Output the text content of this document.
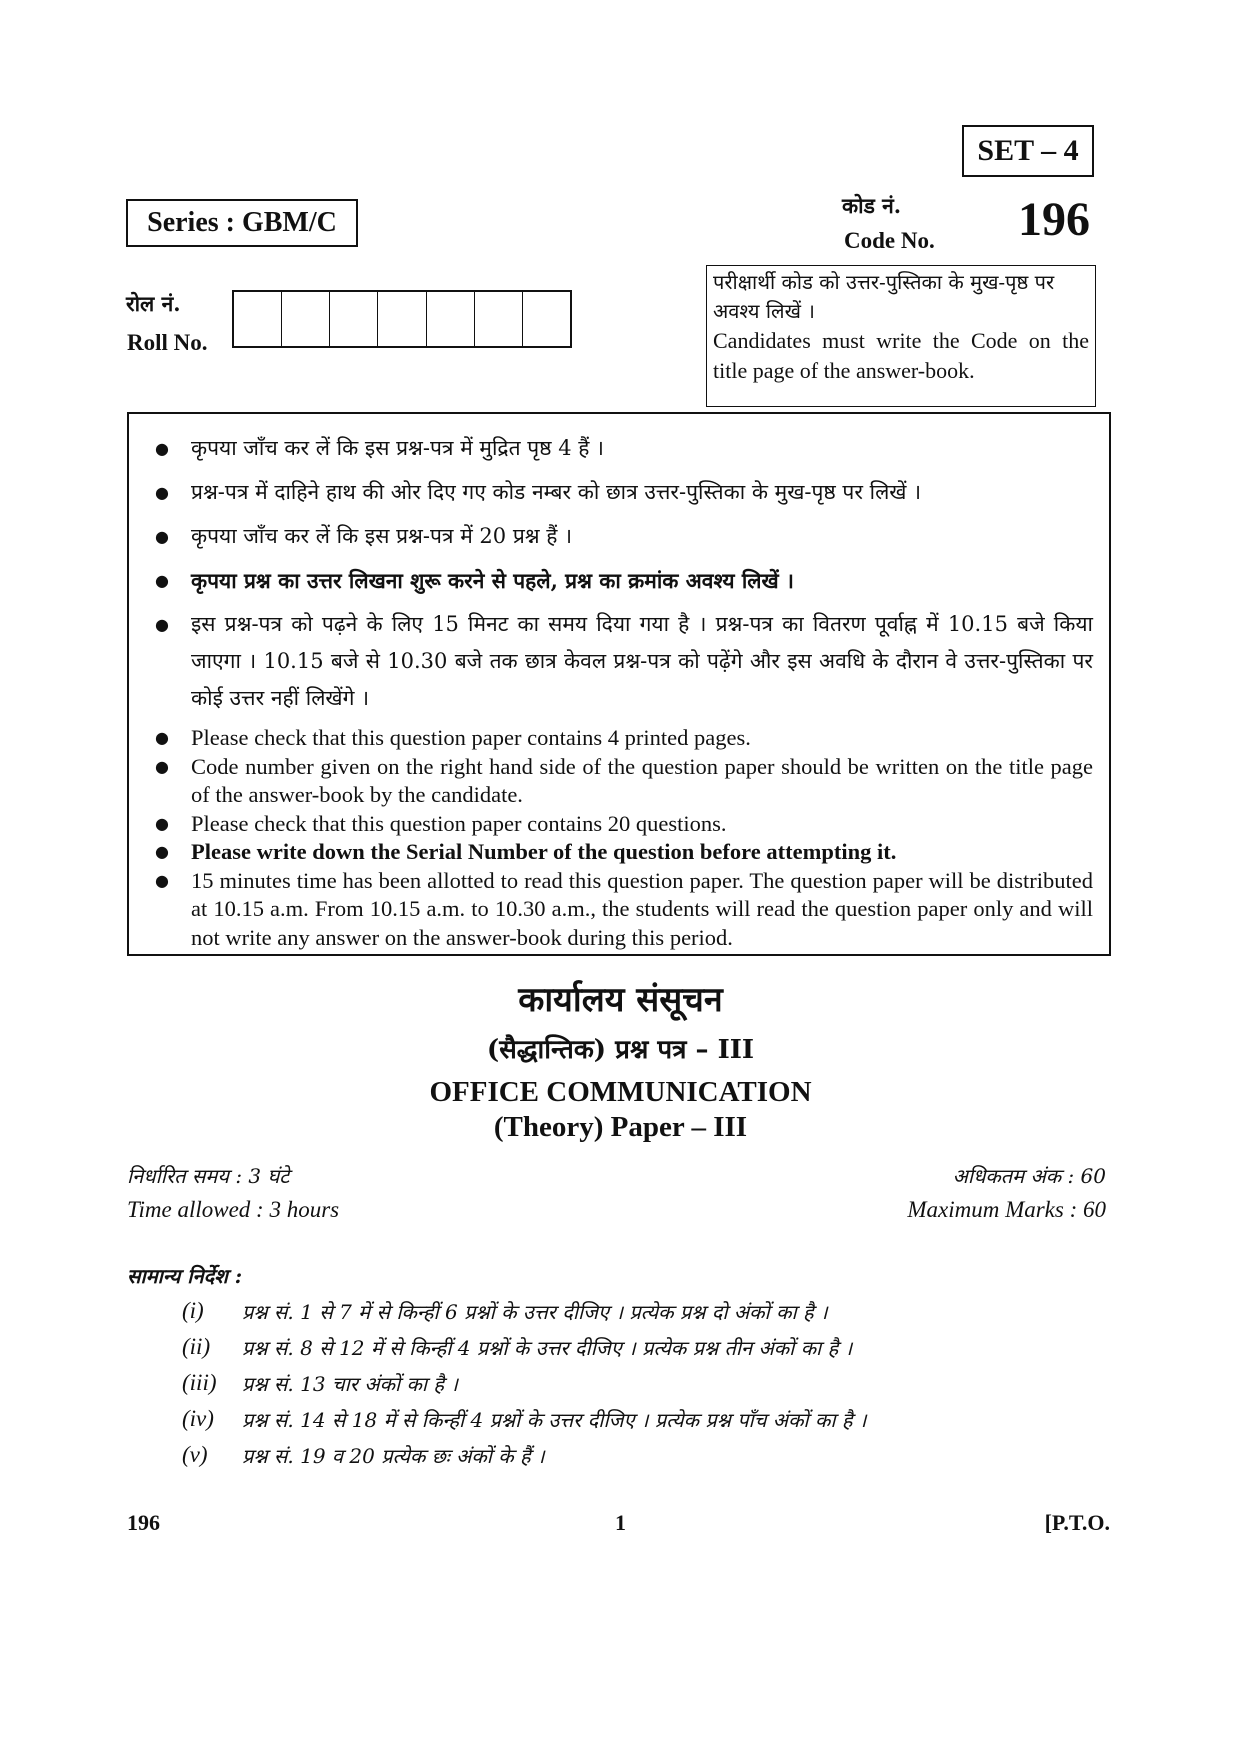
SET – 4
Series : GBM/C
कोड नं.
Code No. 196
रोल नं.
Roll No.
परीक्षार्थी कोड को उत्तर-पुस्तिका के मुख-पृष्ठ पर अवश्य लिखें ।
Candidates must write the Code on the title page of the answer-book.
● कृपया जाँच कर लें कि इस प्रश्न-पत्र में मुद्रित पृष्ठ 4 हैं ।
● प्रश्न-पत्र में दाहिने हाथ की ओर दिए गए कोड नम्बर को छात्र उत्तर-पुस्तिका के मुख-पृष्ठ पर लिखें ।
● कृपया जाँच कर लें कि इस प्रश्न-पत्र में 20 प्रश्न हैं ।
● कृपया प्रश्न का उत्तर लिखना शुरू करने से पहले, प्रश्न का क्रमांक अवश्य लिखें ।
● इस प्रश्न-पत्र को पढ़ने के लिए 15 मिनट का समय दिया गया है । प्रश्न-पत्र का वितरण पूर्वाह्न में 10.15 बजे किया जाएगा । 10.15 बजे से 10.30 बजे तक छात्र केवल प्रश्न-पत्र को पढ़ेंगे और इस अवधि के दौरान वे उत्तर-पुस्तिका पर कोई उत्तर नहीं लिखेंगे ।
● Please check that this question paper contains 4 printed pages.
● Code number given on the right hand side of the question paper should be written on the title page of the answer-book by the candidate.
● Please check that this question paper contains 20 questions.
● Please write down the Serial Number of the question before attempting it.
● 15 minutes time has been allotted to read this question paper. The question paper will be distributed at 10.15 a.m. From 10.15 a.m. to 10.30 a.m., the students will read the question paper only and will not write any answer on the answer-book during this period.
कार्यालय संसूचन
(सैद्धान्तिक) प्रश्न पत्र – III
OFFICE COMMUNICATION
(Theory) Paper – III
निर्धारित समय : 3 घंटे
Time allowed : 3 hours
अधिकतम अंक : 60
Maximum Marks : 60
सामान्य निर्देश :
(i)	प्रश्न सं. 1 से 7 में से किन्हीं 6 प्रश्नों के उत्तर दीजिए । प्रत्येक प्रश्न दो अंकों का है ।
(ii)	प्रश्न सं. 8 से 12 में से किन्हीं 4 प्रश्नों के उत्तर दीजिए । प्रत्येक प्रश्न तीन अंकों का है ।
(iii)	प्रश्न सं. 13 चार अंकों का है ।
(iv)	प्रश्न सं. 14 से 18 में से किन्हीं 4 प्रश्नों के उत्तर दीजिए । प्रत्येक प्रश्न पाँच अंकों का है ।
(v)	प्रश्न सं. 19 व 20 प्रत्येक छः अंकों के हैं ।
196	1	[P.T.O.
